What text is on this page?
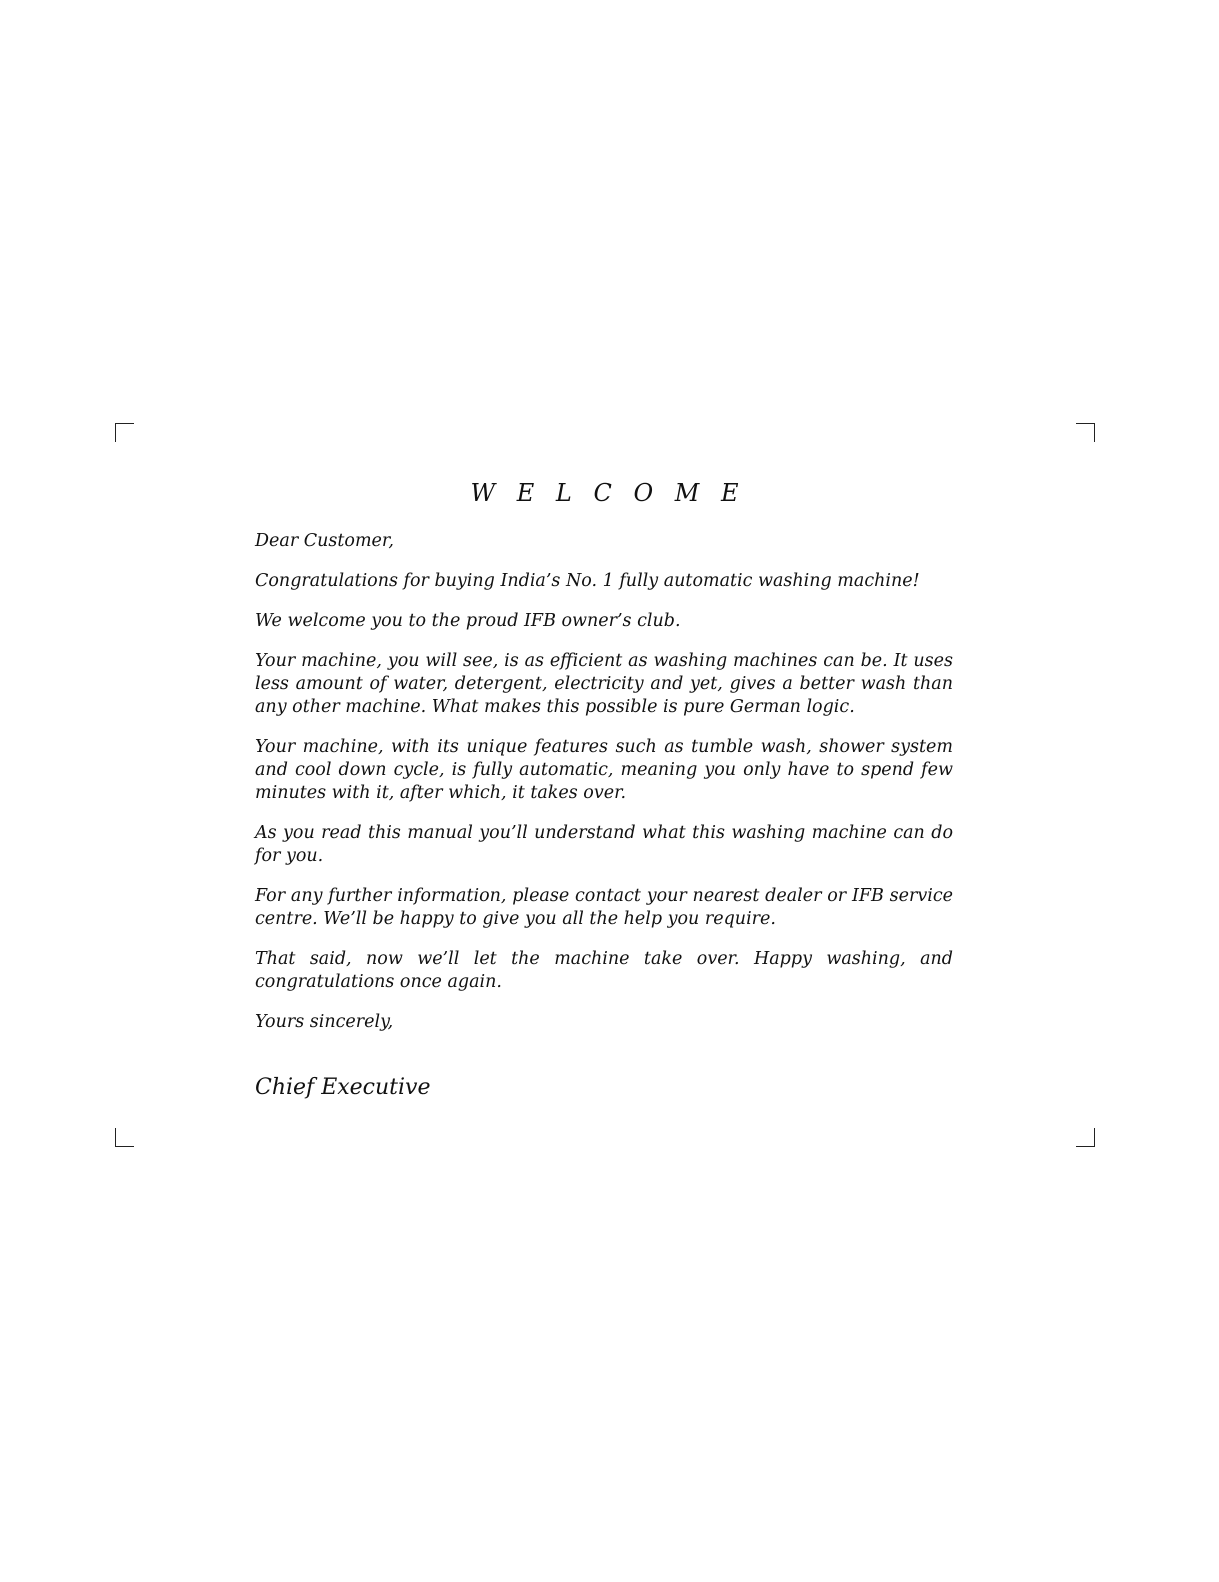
W E L C O M E

Dear Customer,

Congratulations for buying India’s No. 1 fully automatic washing machine!

We welcome you to the proud IFB owner’s club.

Your machine, you will see, is as efficient as washing machines can be. It uses less amount of water, detergent, electricity and yet, gives a better wash than any other machine. What makes this possible is pure German logic.

Your machine, with its unique features such as tumble wash, shower system and cool down cycle, is fully automatic, meaning you only have to spend few minutes with it, after which, it takes over.

As you read this manual you’ll understand what this washing machine can do for you.

For any further information, please contact your nearest dealer or IFB service centre. We’ll be happy to give you all the help you require.

That said, now we’ll let the machine take over. Happy washing, and congratulations once again.

Yours sincerely,

Chief Executive
